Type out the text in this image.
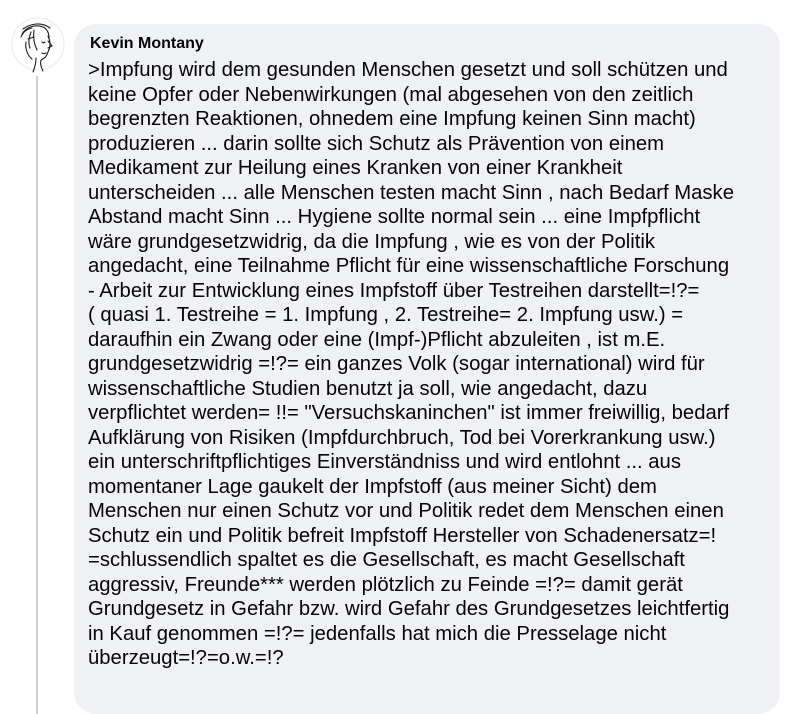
Kevin Montany
>Impfung wird dem gesunden Menschen gesetzt und soll schützen und
keine Opfer oder Nebenwirkungen (mal abgesehen von den zeitlich
begrenzten Reaktionen, ohnedem eine Impfung keinen Sinn macht)
produzieren ... darin sollte sich Schutz als Prävention von einem
Medikament zur Heilung eines Kranken von einer Krankheit
unterscheiden ... alle Menschen testen macht Sinn , nach Bedarf Maske
Abstand macht Sinn ... Hygiene sollte normal sein ... eine Impfpflicht
wäre grundgesetzwidrig, da die Impfung , wie es von der Politik
angedacht, eine Teilnahme Pflicht für eine wissenschaftliche Forschung
- Arbeit zur Entwicklung eines Impfstoff über Testreihen darstellt=!?=
( quasi 1. Testreihe = 1. Impfung , 2. Testreihe= 2. Impfung usw.) =
daraufhin ein Zwang oder eine (Impf-)Pflicht abzuleiten , ist m.E.
grundgesetzwidrig =!?= ein ganzes Volk (sogar international) wird für
wissenschaftliche Studien benutzt ja soll, wie angedacht, dazu
verpflichtet werden= !!= "Versuchskaninchen" ist immer freiwillig, bedarf
Aufklärung von Risiken (Impfdurchbruch, Tod bei Vorerkrankung usw.)
ein unterschriftpflichtiges Einverständniss und wird entlohnt ... aus
momentaner Lage gaukelt der Impfstoff (aus meiner Sicht) dem
Menschen nur einen Schutz vor und Politik redet dem Menschen einen
Schutz ein und Politik befreit Impfstoff Hersteller von Schadenersatz=!
=schlussendlich spaltet es die Gesellschaft, es macht Gesellschaft
aggressiv, Freunde*** werden plötzlich zu Feinde =!?= damit gerät
Grundgesetz in Gefahr bzw. wird Gefahr des Grundgesetzes leichtfertig
in Kauf genommen =!?= jedenfalls hat mich die Presselage nicht
überzeugt=!?=o.w.=!?
